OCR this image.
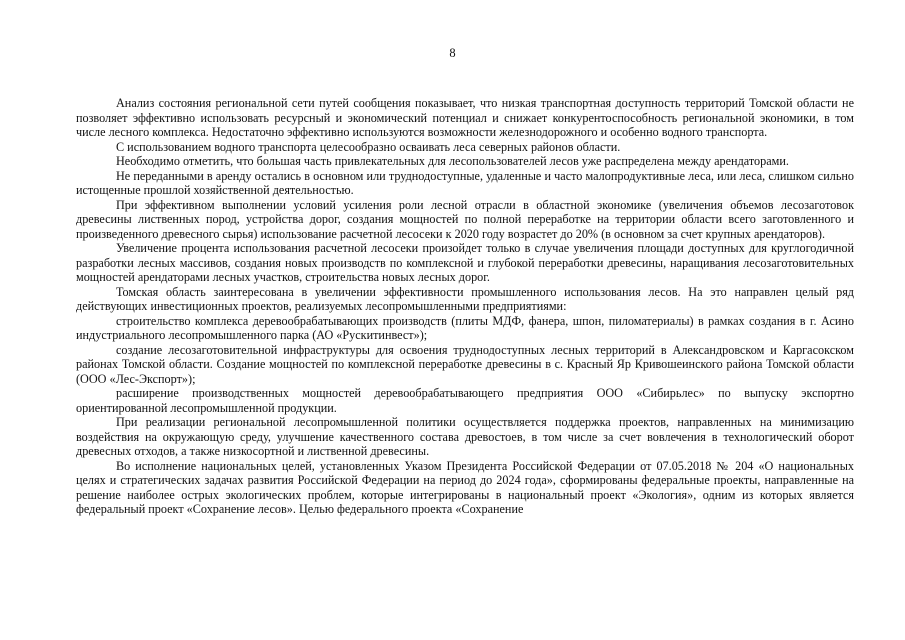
8

Анализ состояния региональной сети путей сообщения показывает, что низкая транспортная доступность территорий Томской области не позволяет эффективно использовать ресурсный и экономический потенциал и снижает конкурентоспособность региональной экономики, в том числе лесного комплекса. Недостаточно эффективно используются возможности железнодорожного и особенно водного транспорта.

С использованием водного транспорта целесообразно осваивать леса северных районов области.

Необходимо отметить, что большая часть привлекательных для лесопользователей лесов уже распределена между арендаторами.

Не переданными в аренду остались в основном или труднодоступные, удаленные и часто малопродуктивные леса, или леса, слишком сильно истощенные прошлой хозяйственной деятельностью.

При эффективном выполнении условий усиления роли лесной отрасли в областной экономике (увеличения объемов лесозаготовок древесины лиственных пород, устройства дорог, создания мощностей по полной переработке на территории области всего заготовленного и произведенного древесного сырья) использование расчетной лесосеки к 2020 году возрастет до 20% (в основном за счет крупных арендаторов).

Увеличение процента использования расчетной лесосеки произойдет только в случае увеличения площади доступных для круглогодичной разработки лесных массивов, создания новых производств по комплексной и глубокой переработки древесины, наращивания лесозаготовительных мощностей арендаторами лесных участков, строительства новых лесных дорог.

Томская область заинтересована в увеличении эффективности промышленного использования лесов. На это направлен целый ряд действующих инвестиционных проектов, реализуемых лесопромышленными предприятиями:

строительство комплекса деревообрабатывающих производств (плиты МДФ, фанера, шпон, пиломатериалы) в рамках создания в г. Асино индустриального лесопромышленного парка (АО «Рускитинвест»);

создание лесозаготовительной инфраструктуры для освоения труднодоступных лесных территорий в Александровском и Каргасокском районах Томской области. Создание мощностей по комплексной переработке древесины в с. Красный Яр Кривошеинского района Томской области (ООО «Лес-Экспорт»);

расширение производственных мощностей деревообрабатывающего предприятия ООО «Сибирьлес» по выпуску экспортно ориентированной лесопромышленной продукции.

При реализации региональной лесопромышленной политики осуществляется поддержка проектов, направленных на минимизацию воздействия на окружающую среду, улучшение качественного состава древостоев, в том числе за счет вовлечения в технологический оборот древесных отходов, а также низкосортной и лиственной древесины.

Во исполнение национальных целей, установленных Указом Президента Российской Федерации от 07.05.2018 № 204 «О национальных целях и стратегических задачах развития Российской Федерации на период до 2024 года», сформированы федеральные проекты, направленные на решение наиболее острых экологических проблем, которые интегрированы в национальный проект «Экология», одним из которых является федеральный проект «Сохранение лесов». Целью федерального проекта «Сохранение
